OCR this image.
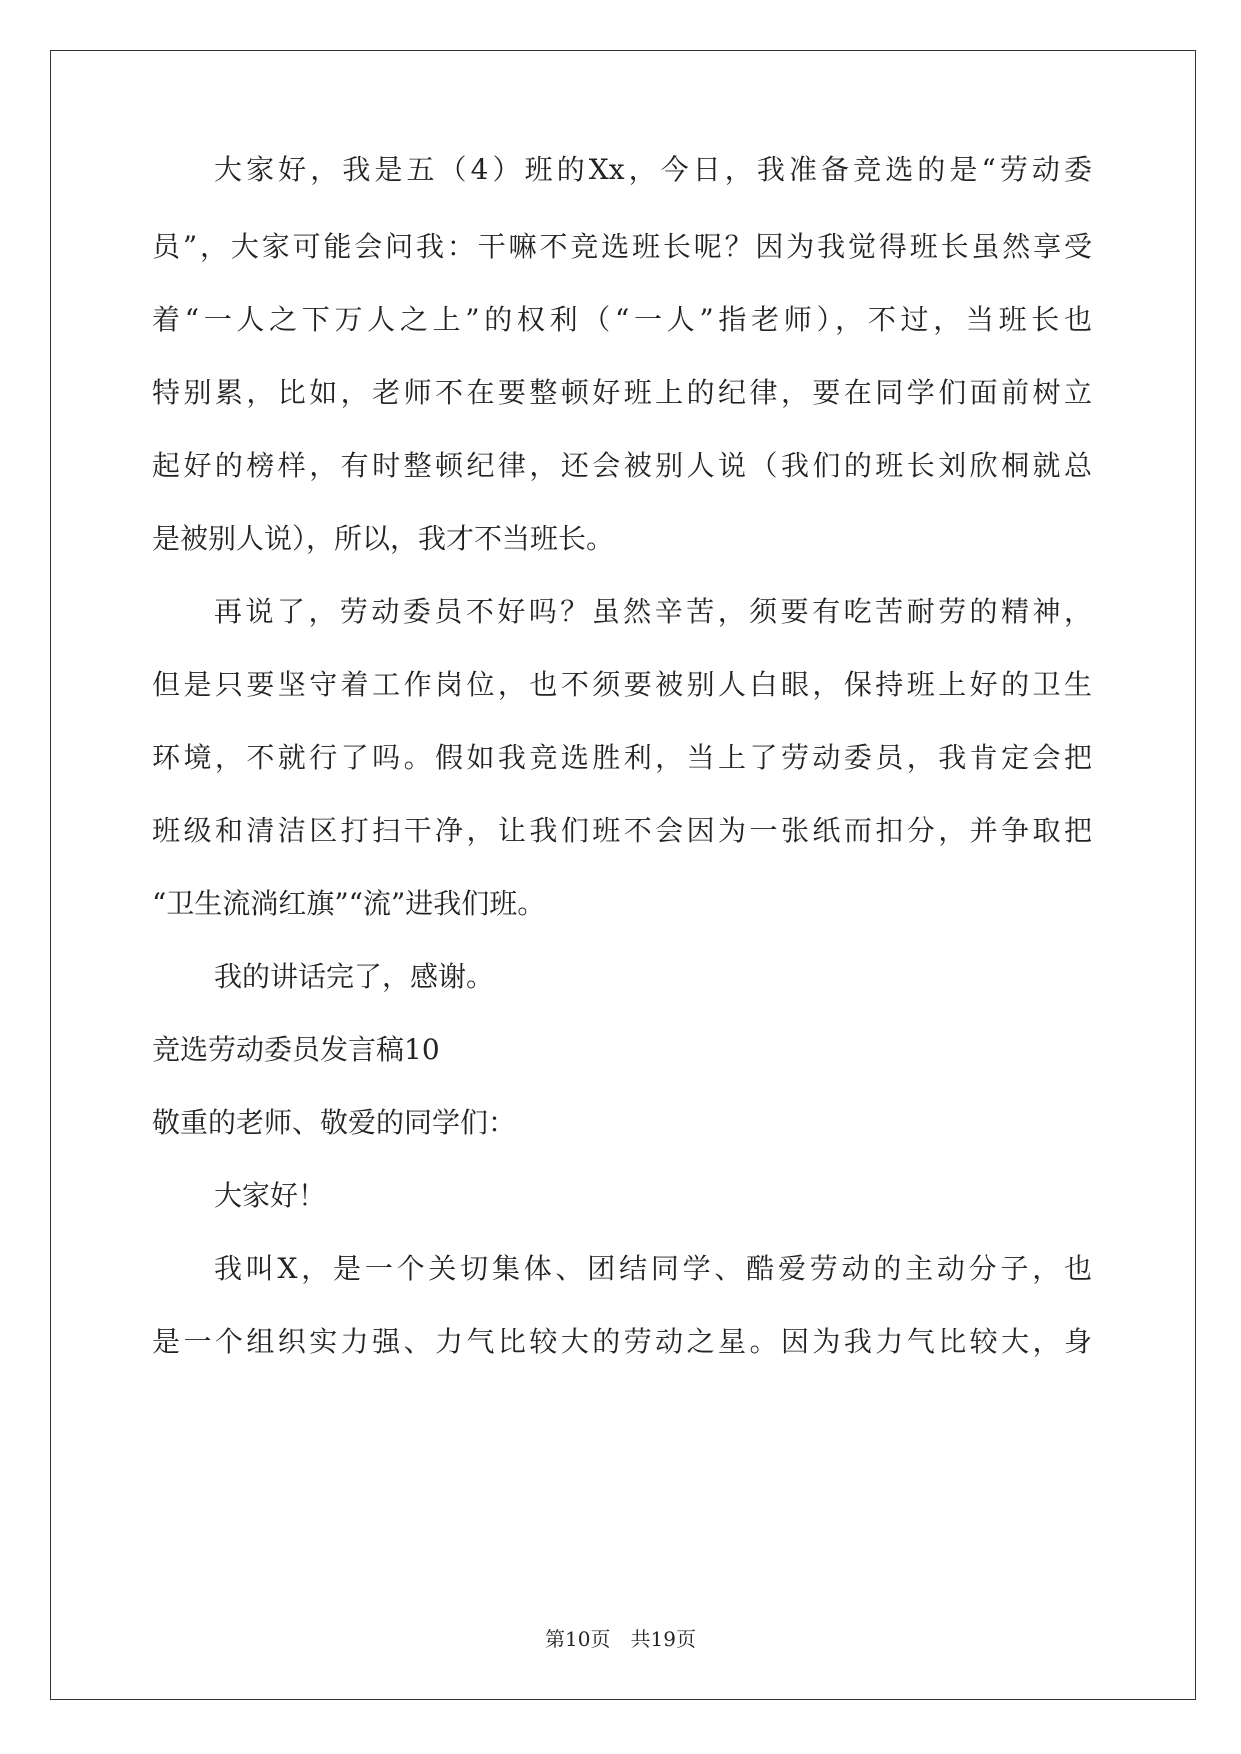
大家好，我是五（4）班的Xx，今日，我准备竞选的是“劳动委
员”，大家可能会问我：干嘛不竞选班长呢？因为我觉得班长虽然享受
着“一人之下万人之上”的权利（“一人”指老师），不过，当班长也
特别累，比如，老师不在要整顿好班上的纪律，要在同学们面前树立
起好的榜样，有时整顿纪律，还会被别人说（我们的班长刘欣桐就总
是被别人说），所以，我才不当班长。
再说了，劳动委员不好吗？虽然辛苦，须要有吃苦耐劳的精神，
但是只要坚守着工作岗位，也不须要被别人白眼，保持班上好的卫生
环境，不就行了吗。假如我竞选胜利，当上了劳动委员，我肯定会把
班级和清洁区打扫干净，让我们班不会因为一张纸而扣分，并争取把
“卫生流淌红旗”“流”进我们班。
我的讲话完了，感谢。
竞选劳动委员发言稿10
敬重的老师、敬爱的同学们：
大家好！
我叫X，是一个关切集体、团结同学、酷爱劳动的主动分子，也
是一个组织实力强、力气比较大的劳动之星。因为我力气比较大，身
第10页　共19页
